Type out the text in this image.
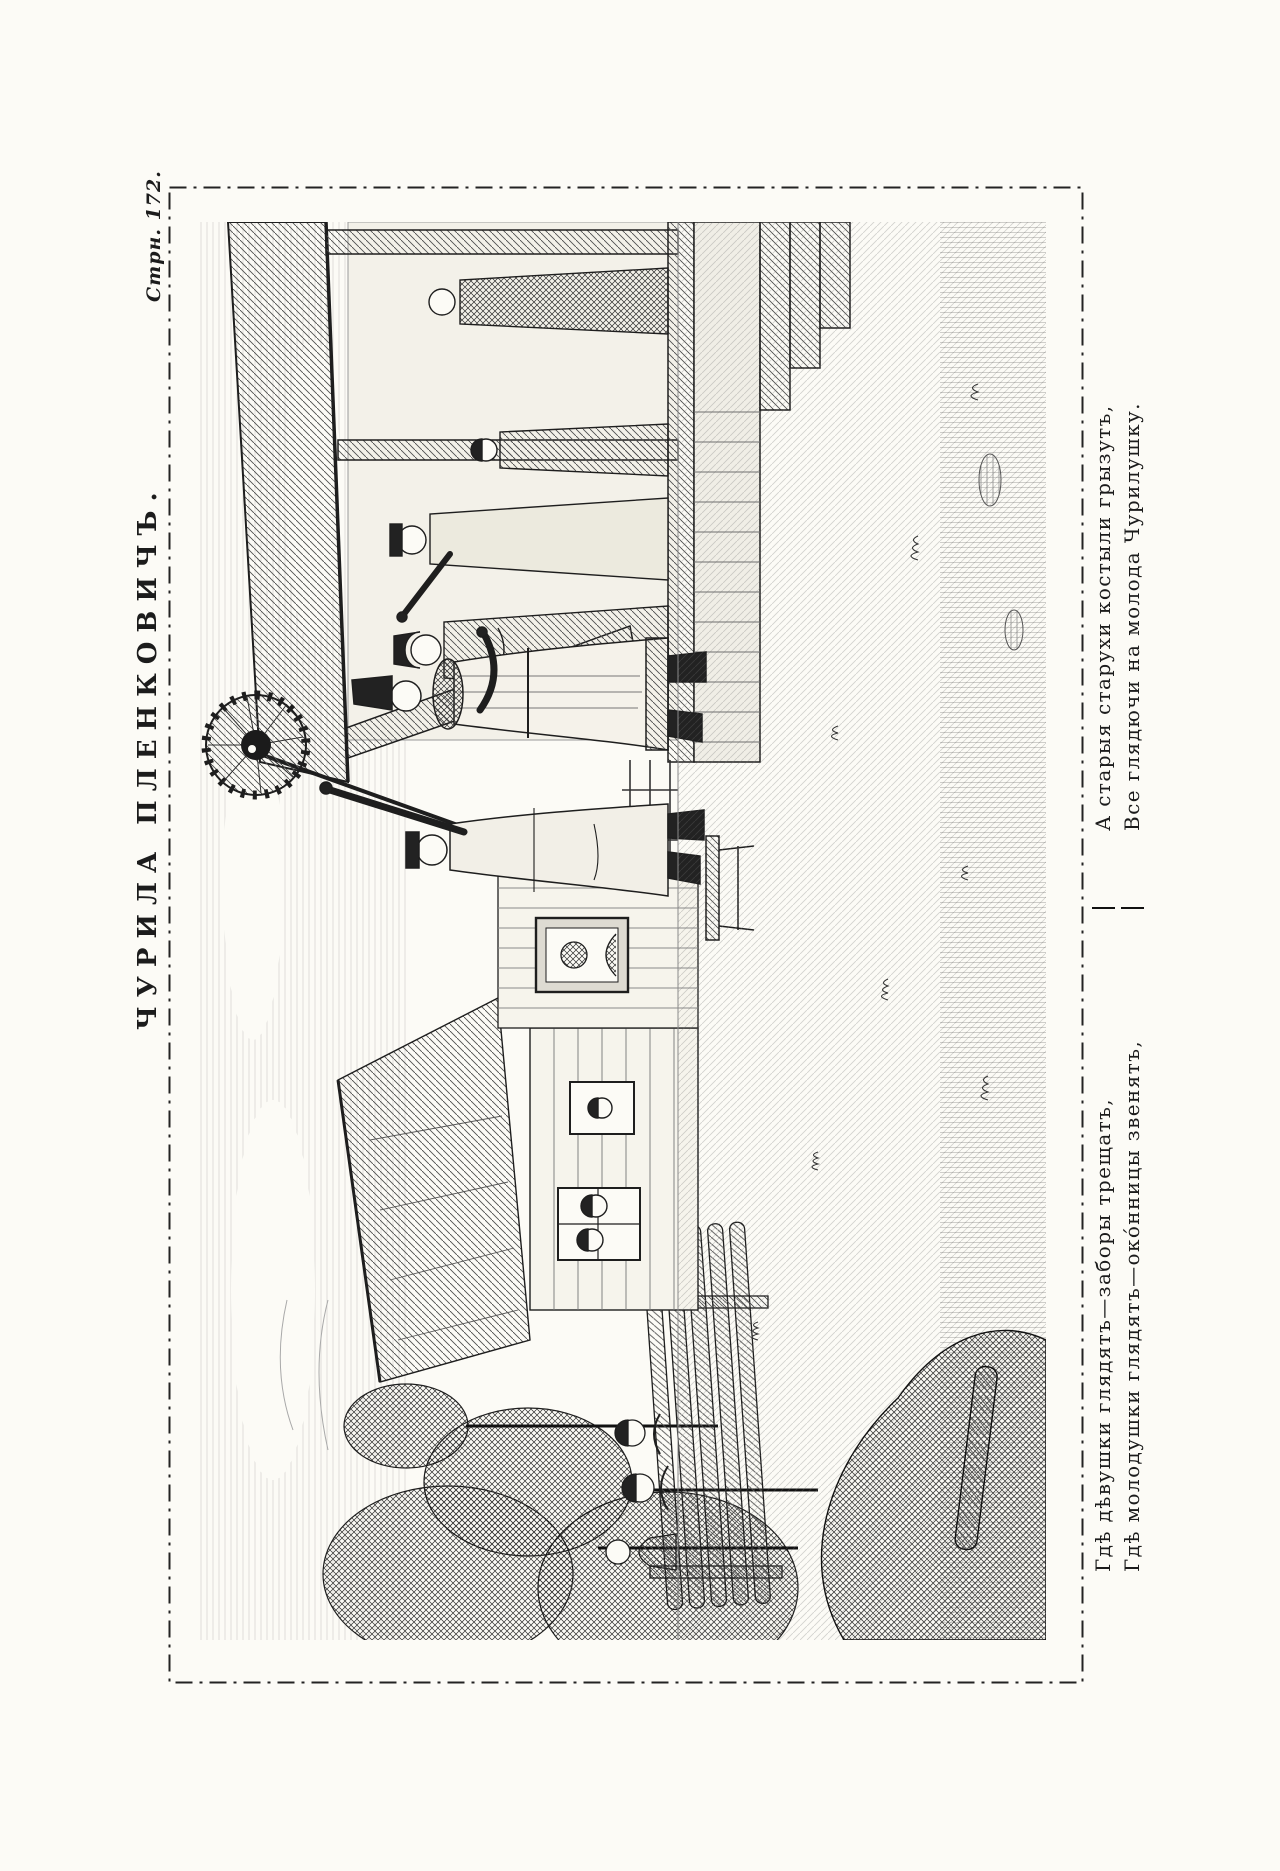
Стрн. 172.
ЧУРИЛА ПЛЕНКОВИЧЪ.	А старыя старухи костыли грызутъ, Все глядючи на молода Чурилушку.
Гдѣ дѣвушки глядятъ—заборы трещатъ, Гдѣ молодушки глядятъ—окóнницы звенятъ,
